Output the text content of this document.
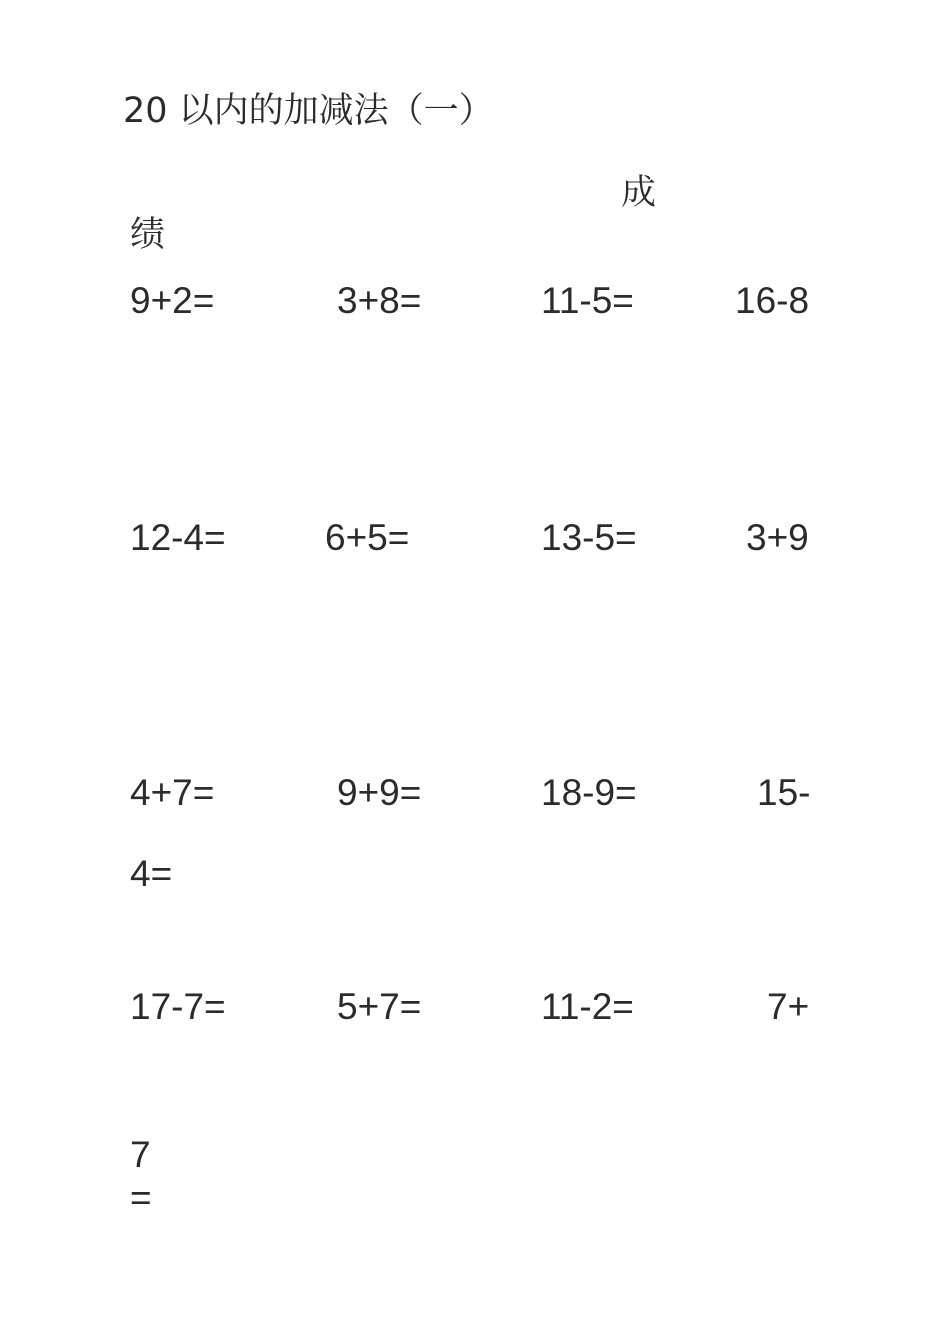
20 以内的加减法（一）
成
绩
9+2=	3+8=	11-5=	16-8
12-4=	6+5=	13-5=	3+9
4+7=	9+9=	18-9=	15-
4=
17-7=	5+7=	11-2=	7+
7
=
